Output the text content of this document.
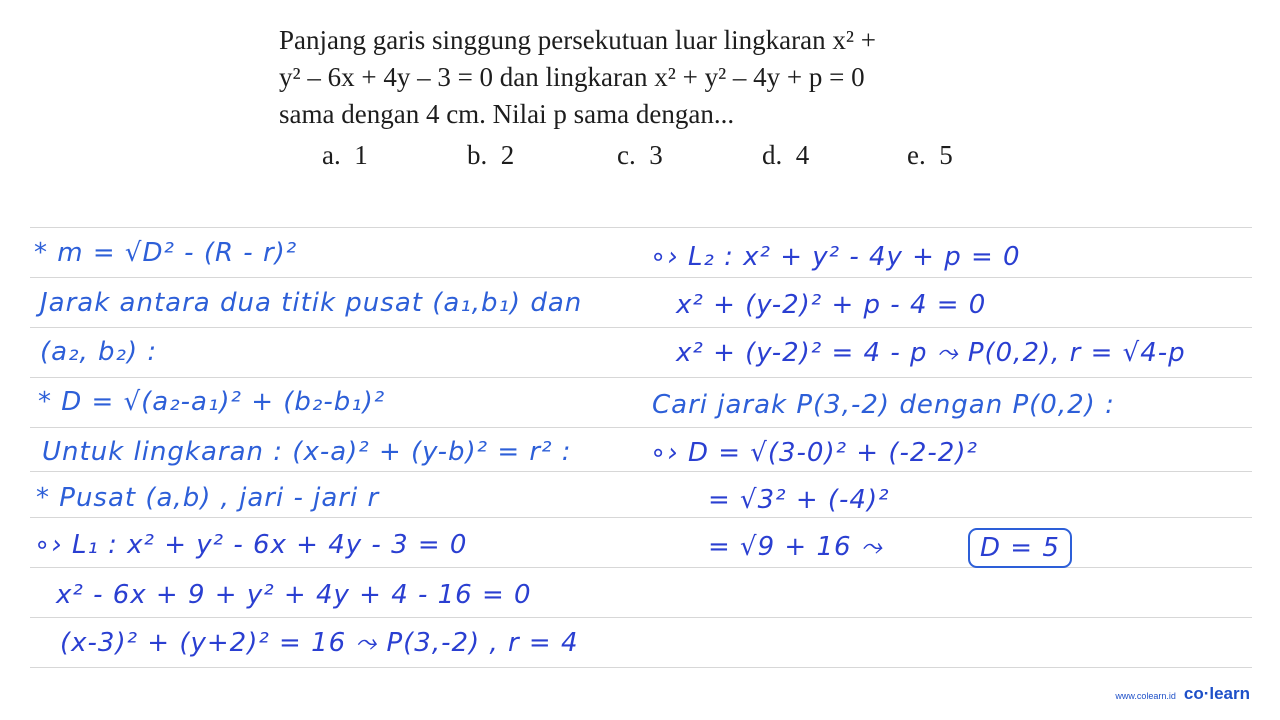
Panjang garis singgung persekutuan luar lingkaran x² +

y² – 6x + 4y – 3 = 0 dan lingkaran x² + y² – 4y + p = 0

sama dengan 4 cm. Nilai p sama dengan...

a. 1	b. 2	c. 3	d. 4	e. 5
* m = √D² - (R - r)²
Jarak antara dua titik pusat (a₁,b₁) dan
(a₂, b₂) :
* D = √(a₂-a₁)² + (b₂-b₁)²
Untuk lingkaran : (x-a)² + (y-b)² = r² :
* Pusat (a,b) , jari - jari r
∘› L₁ : x² + y² - 6x + 4y - 3 = 0
x² - 6x + 9 + y² + 4y + 4 - 16 = 0
(x-3)² + (y+2)² = 16 ⤳ P(3,-2) , r = 4
∘› L₂ : x² + y² - 4y + p = 0
x² + (y-2)² + p - 4 = 0
x² + (y-2)² = 4 - p ⤳ P(0,2), r = √4-p
Cari jarak P(3,-2) dengan P(0,2) :
∘› D = √(3-0)² + (-2-2)²
= √3² + (-4)²
= √9 + 16 ⤳	D = 5
www.colearn.id co·learn
